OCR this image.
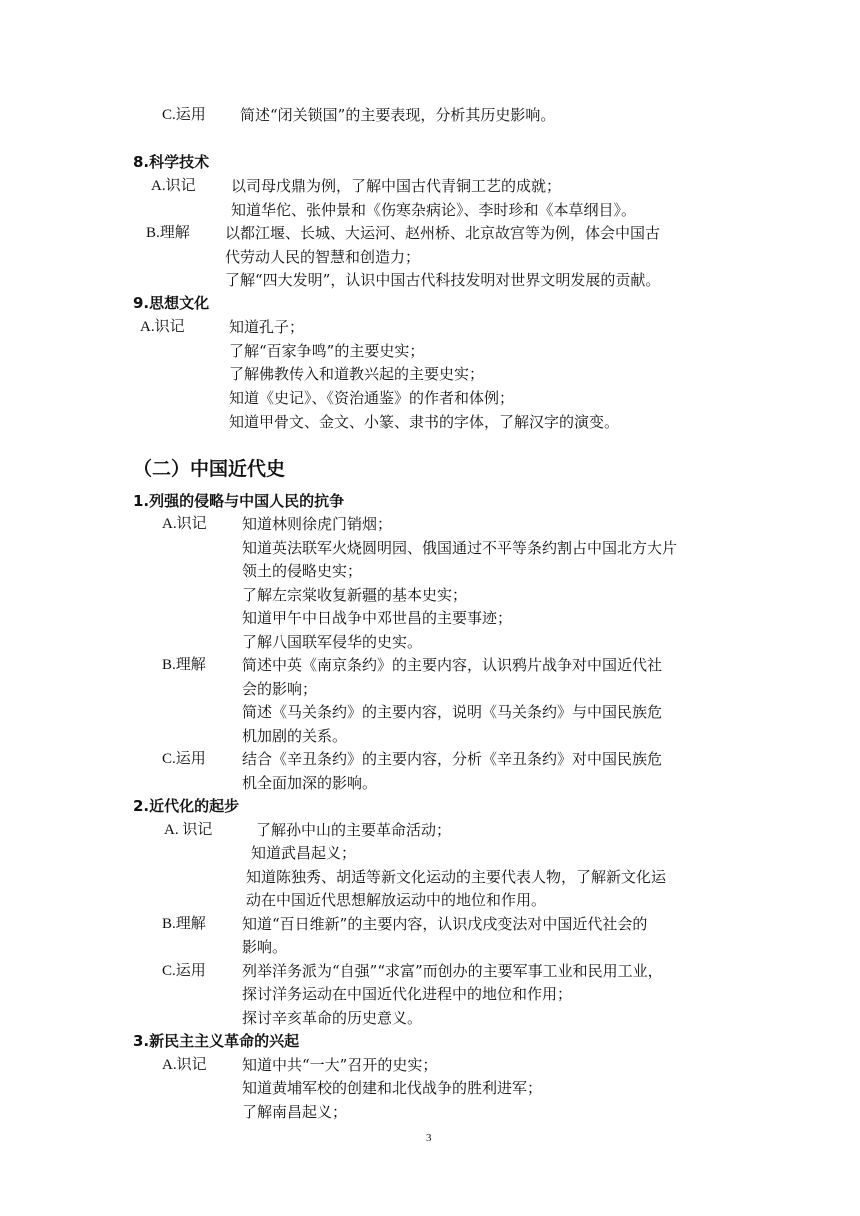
C.运用 简述“闭关锁国”的主要表现，分析其历史影响。
8.科学技术
A.识记 以司母戊鼎为例，了解中国古代青铜工艺的成就；
知道华佗、张仲景和《伤寒杂病论》、李时珍和《本草纲目》。
B.理解 以都江堰、长城、大运河、赵州桥、北京故宫等为例，体会中国古
代劳动人民的智慧和创造力；
了解“四大发明”，认识中国古代科技发明对世界文明发展的贡献。
9.思想文化
A.识记	知道孔子；
了解“百家争鸣”的主要史实；
了解佛教传入和道教兴起的主要史实；
知道《史记》、《资治通鉴》的作者和体例；
知道甲骨文、金文、小篆、隶书的字体，了解汉字的演变。
（二）中国近代史
1.列强的侵略与中国人民的抗争
A.识记 知道林则徐虎门销烟；
知道英法联军火烧圆明园、俄国通过不平等条约割占中国北方大片
领土的侵略史实；
了解左宗棠收复新疆的基本史实；
知道甲午中日战争中邓世昌的主要事迹；
了解八国联军侵华的史实。
B.理解 简述中英《南京条约》的主要内容，认识鸦片战争对中国近代社
会的影响；
简述《马关条约》的主要内容，说明《马关条约》与中国民族危
机加剧的关系。
C.运用 结合《辛丑条约》的主要内容，分析《辛丑条约》对中国民族危
机全面加深的影响。
2.近代化的起步
A. 识记	了解孙中山的主要革命活动；
知道武昌起义；
知道陈独秀、胡适等新文化运动的主要代表人物，了解新文化运
动在中国近代思想解放运动中的地位和作用。
B.理解 知道“百日维新”的主要内容，认识戊戌变法对中国近代社会的
影响。
C.运用 列举洋务派为“自强”“求富”而创办的主要军事工业和民用工业，
探讨洋务运动在中国近代化进程中的地位和作用；
探讨辛亥革命的历史意义。
3.新民主主义革命的兴起
A.识记 知道中共“一大”召开的史实；
知道黄埔军校的创建和北伐战争的胜利进军；
了解南昌起义；
3
